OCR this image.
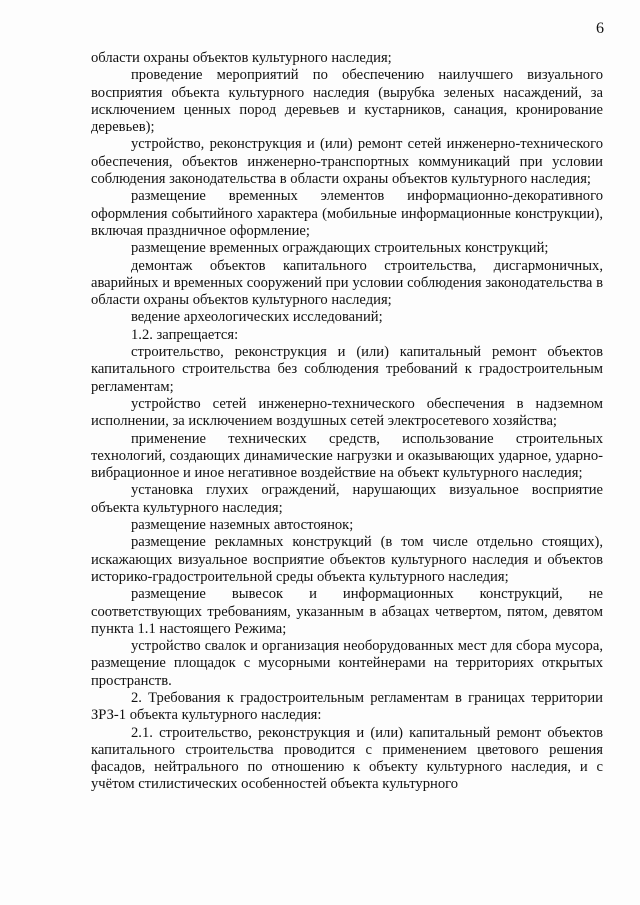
6

области охраны объектов культурного наследия;

проведение мероприятий по обеспечению наилучшего визуального восприятия объекта культурного наследия (вырубка зеленых насаждений, за исключением ценных пород деревьев и кустарников, санация, кронирование деревьев);

устройство, реконструкция и (или) ремонт сетей инженерно-технического обеспечения, объектов инженерно-транспортных коммуникаций при условии соблюдения законодательства в области охраны объектов культурного наследия;

размещение временных элементов информационно-декоративного оформления событийного характера (мобильные информационные конструкции), включая праздничное оформление;

размещение временных ограждающих строительных конструкций;

демонтаж объектов капитального строительства, дисгармоничных, аварийных и временных сооружений при условии соблюдения законодательства в области охраны объектов культурного наследия;

ведение археологических исследований;

1.2. запрещается:

строительство, реконструкция и (или) капитальный ремонт объектов капитального строительства без соблюдения требований к градостроительным регламентам;

устройство сетей инженерно-технического обеспечения в надземном исполнении, за исключением воздушных сетей электросетевого хозяйства;

применение технических средств, использование строительных технологий, создающих динамические нагрузки и оказывающих ударное, ударно-вибрационное и иное негативное воздействие на объект культурного наследия;

установка глухих ограждений, нарушающих визуальное восприятие объекта культурного наследия;

размещение наземных автостоянок;

размещение рекламных конструкций (в том числе отдельно стоящих), искажающих визуальное восприятие объектов культурного наследия и объектов историко-градостроительной среды объекта культурного наследия;

размещение вывесок и информационных конструкций, не соответствующих требованиям, указанным в абзацах четвертом, пятом, девятом пункта 1.1 настоящего Режима;

устройство свалок и организация необорудованных мест для сбора мусора, размещение площадок с мусорными контейнерами на территориях открытых пространств.

2. Требования к градостроительным регламентам в границах территории ЗРЗ-1 объекта культурного наследия:

2.1. строительство, реконструкция и (или) капитальный ремонт объектов капитального строительства проводится с применением цветового решения фасадов, нейтрального по отношению к объекту культурного наследия, и с учётом стилистических особенностей объекта культурного
